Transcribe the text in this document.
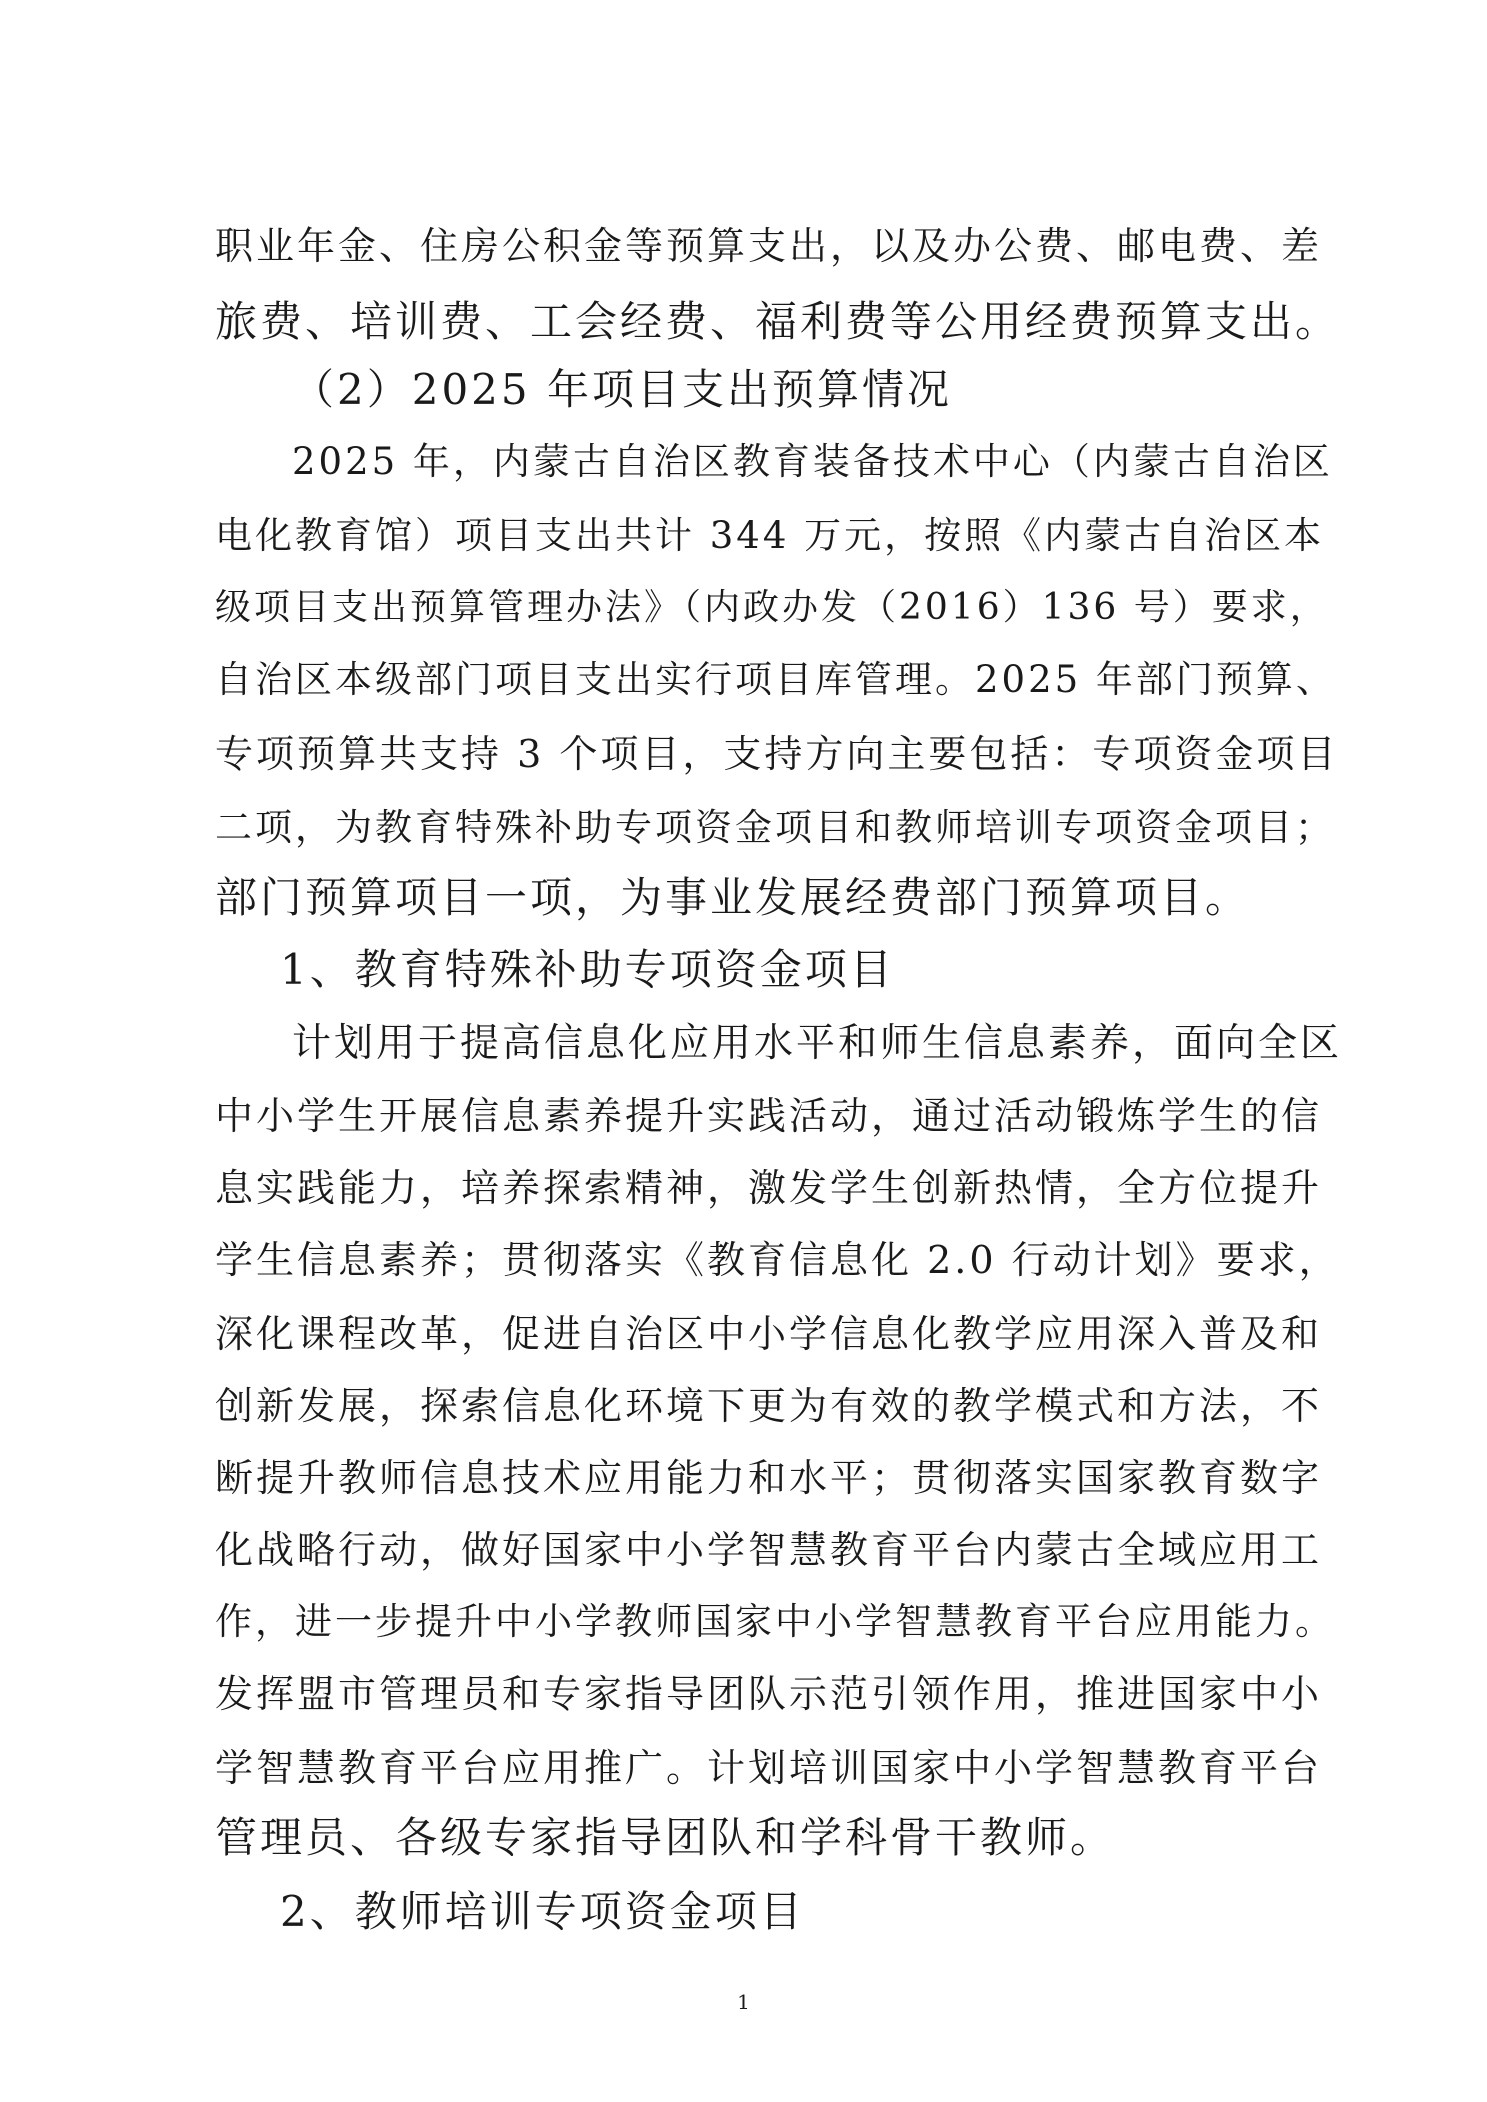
职业年金、住房公积金等预算支出，以及办公费、邮电费、差
旅费、培训费、工会经费、福利费等公用经费预算支出。
（2）2025 年项目支出预算情况
2025 年，内蒙古自治区教育装备技术中心（内蒙古自治区
电化教育馆）项目支出共计 344 万元，按照《内蒙古自治区本
级项目支出预算管理办法》（内政办发（2016）136 号）要求，
自治区本级部门项目支出实行项目库管理。2025 年部门预算、
专项预算共支持 3 个项目，支持方向主要包括：专项资金项目
二项，为教育特殊补助专项资金项目和教师培训专项资金项目；
部门预算项目一项，为事业发展经费部门预算项目。
1、教育特殊补助专项资金项目
计划用于提高信息化应用水平和师生信息素养，面向全区
中小学生开展信息素养提升实践活动，通过活动锻炼学生的信
息实践能力，培养探索精神，激发学生创新热情，全方位提升
学生信息素养；贯彻落实《教育信息化 2.0 行动计划》要求，
深化课程改革，促进自治区中小学信息化教学应用深入普及和
创新发展，探索信息化环境下更为有效的教学模式和方法，不
断提升教师信息技术应用能力和水平；贯彻落实国家教育数字
化战略行动，做好国家中小学智慧教育平台内蒙古全域应用工
作，进一步提升中小学教师国家中小学智慧教育平台应用能力。
发挥盟市管理员和专家指导团队示范引领作用，推进国家中小
学智慧教育平台应用推广。计划培训国家中小学智慧教育平台
管理员、各级专家指导团队和学科骨干教师。
2、教师培训专项资金项目
1
